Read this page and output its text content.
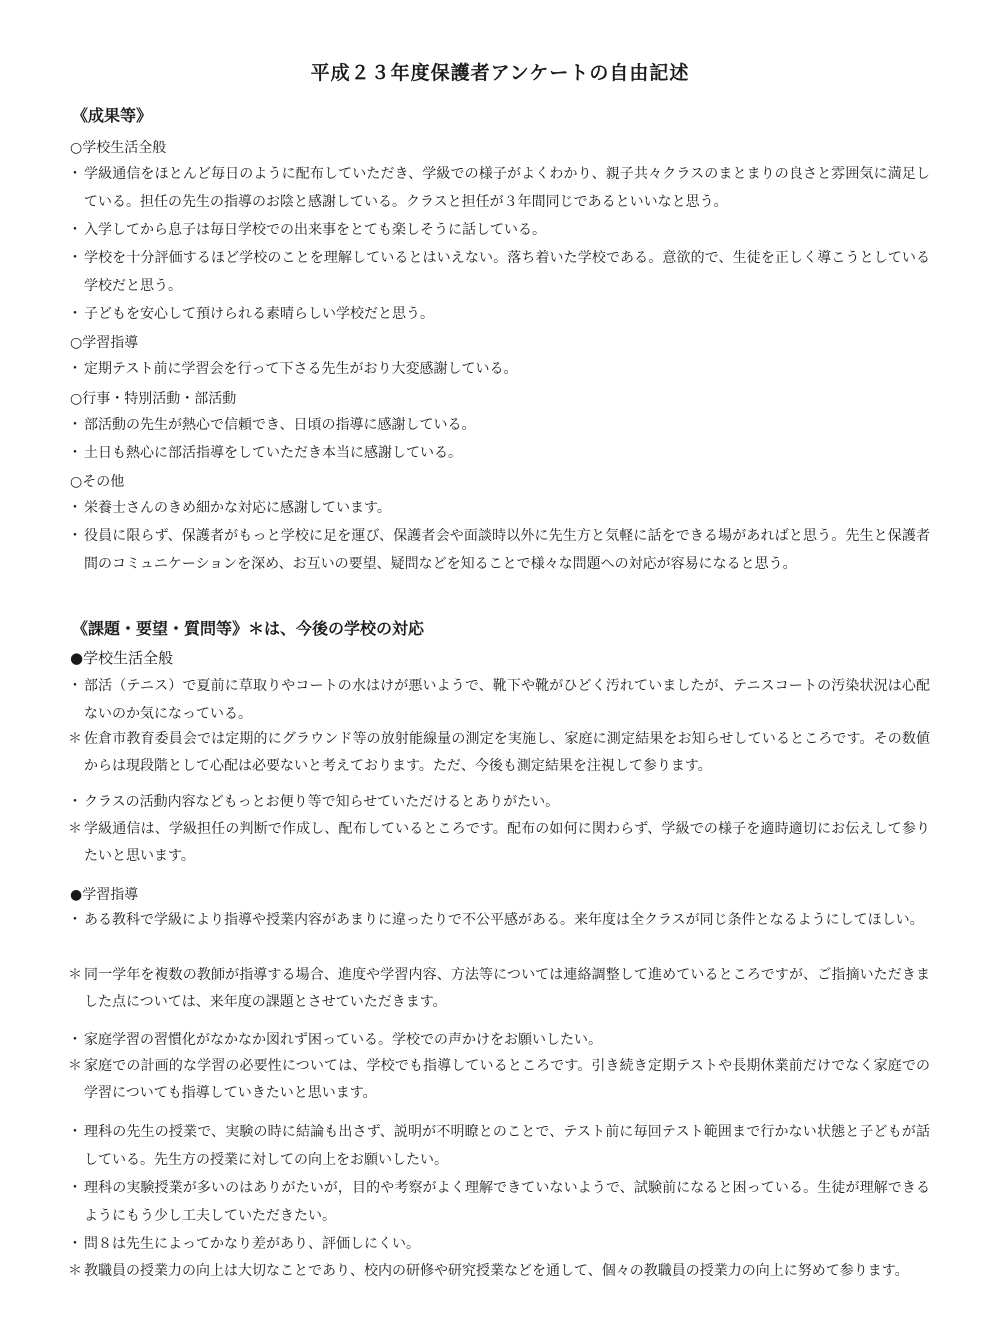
平成２３年度保護者アンケートの自由記述
《成果等》
○学校生活全般
・ 学級通信をほとんど毎日のように配布していただき、学級での様子がよくわかり、親子共々クラスのまとまりの良さと雰囲気に満足している。担任の先生の指導のお陰と感謝している。クラスと担任が３年間同じであるといいなと思う。
・ 入学してから息子は毎日学校での出来事をとても楽しそうに話している。
・ 学校を十分評価するほど学校のことを理解しているとはいえない。落ち着いた学校である。意欲的で、生徒を正しく導こうとしている学校だと思う。
・ 子どもを安心して預けられる素晴らしい学校だと思う。
○学習指導
・ 定期テスト前に学習会を行って下さる先生がおり大変感謝している。
○行事・特別活動・部活動
・ 部活動の先生が熱心で信頼でき、日頃の指導に感謝している。
・ 土日も熱心に部活指導をしていただき本当に感謝している。
○その他
・ 栄養士さんのきめ細かな対応に感謝しています。
・ 役員に限らず、保護者がもっと学校に足を運び、保護者会や面談時以外に先生方と気軽に話をできる場があればと思う。先生と保護者間のコミュニケーションを深め、お互いの要望、疑問などを知ることで様々な問題への対応が容易になると思う。
《課題・要望・質問等》＊は、今後の学校の対応
●学校生活全般
・ 部活（テニス）で夏前に草取りやコートの水はけが悪いようで、靴下や靴がひどく汚れていましたが、テニスコートの汚染状況は心配ないのか気になっている。
＊ 佐倉市教育委員会では定期的にグラウンド等の放射能線量の測定を実施し、家庭に測定結果をお知らせしているところです。その数値からは現段階として心配は必要ないと考えております。ただ、今後も測定結果を注視して参ります。
・ クラスの活動内容などもっとお便り等で知らせていただけるとありがたい。
＊ 学級通信は、学級担任の判断で作成し、配布しているところです。配布の如何に関わらず、学級での様子を適時適切にお伝えして参りたいと思います。
●学習指導
・ ある教科で学級により指導や授業内容があまりに違ったりで不公平感がある。来年度は全クラスが同じ条件となるようにしてほしい。
＊ 同一学年を複数の教師が指導する場合、進度や学習内容、方法等については連絡調整して進めているところですが、ご指摘いただきました点については、来年度の課題とさせていただきます。
・ 家庭学習の習慣化がなかなか図れず困っている。学校での声かけをお願いしたい。
＊ 家庭での計画的な学習の必要性については、学校でも指導しているところです。引き続き定期テストや長期休業前だけでなく家庭での学習についても指導していきたいと思います。
・ 理科の先生の授業で、実験の時に結論も出さず、説明が不明瞭とのことで、テスト前に毎回テスト範囲まで行かない状態と子どもが話している。先生方の授業に対しての向上をお願いしたい。
・ 理科の実験授業が多いのはありがたいが，目的や考察がよく理解できていないようで、試験前になると困っている。生徒が理解できるようにもう少し工夫していただきたい。
・ 問８は先生によってかなり差があり、評価しにくい。
＊ 教職員の授業力の向上は大切なことであり、校内の研修や研究授業などを通して、個々の教職員の授業力の向上に努めて参ります。
